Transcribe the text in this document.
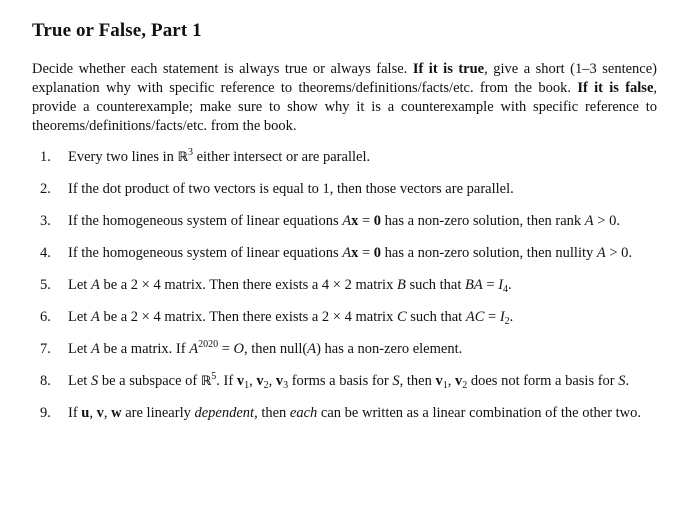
True or False, Part 1

Decide whether each statement is always true or always false. If it is true, give a short (1–3 sentence) explanation why with specific reference to theorems/definitions/facts/etc. from the book. If it is false, provide a counterexample; make sure to show why it is a counterexample with specific reference to theorems/definitions/facts/etc. from the book.

1. Every two lines in ℝ$^3$ either intersect or are parallel.
2. If the dot product of two vectors is equal to 1, then those vectors are parallel.
3. If the homogeneous system of linear equations Ax = 0 has a non-zero solution, then rank A > 0.
4. If the homogeneous system of linear equations Ax = 0 has a non-zero solution, then nullity A > 0.
5. Let A be a 2 × 4 matrix. Then there exists a 4 × 2 matrix B such that BA = $I_4$.
6. Let A be a 2 × 4 matrix. Then there exists a 2 × 4 matrix C such that AC = $I_2$.
7. Let A be a matrix. If $A^{2020} = O$, then null(A) has a non-zero element.
8. Let S be a subspace of ℝ$^5$. If $v_1$, $v_2$, $v_3$ forms a basis for S, then $v_1$, $v_2$ does not form a basis for S.
9. If u, v, w are linearly dependent, then each can be written as a linear combination of the other two.
